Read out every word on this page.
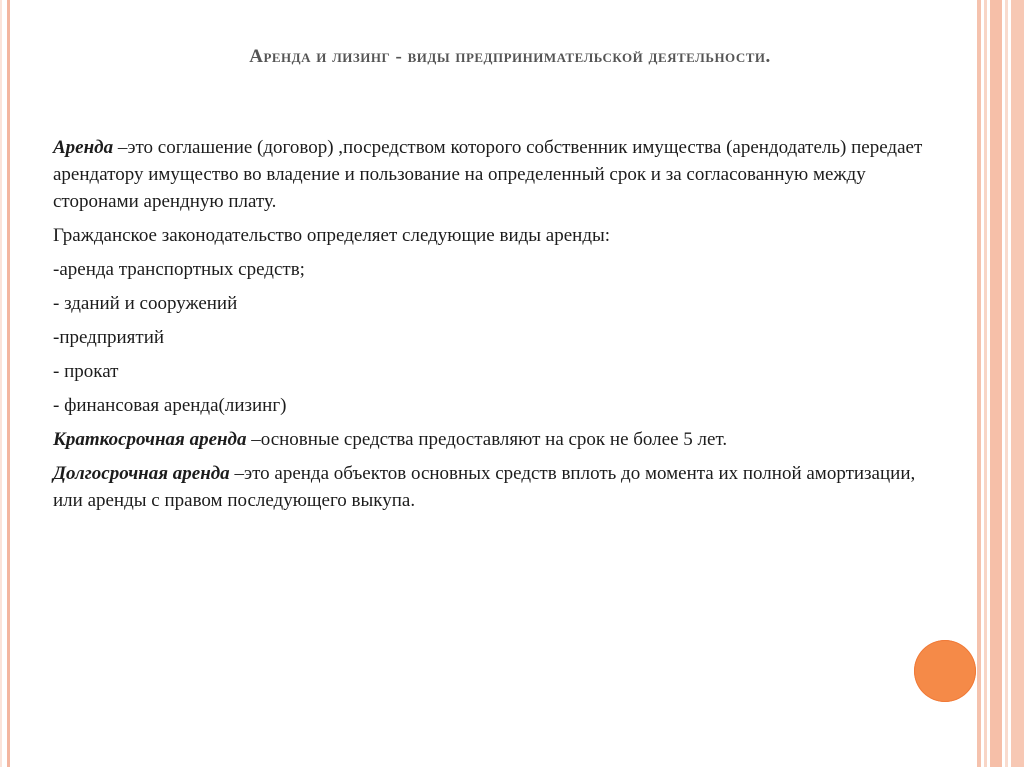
Аренда и лизинг - виды предпринимательской деятельности.

Аренда –это соглашение (договор) ,посредством которого собственник имущества (арендодатель) передает арендатору имущество во владение и пользование на определенный срок и за согласованную между сторонами арендную плату.

Гражданское законодательство определяет следующие виды аренды:

-аренда транспортных средств;

- зданий и сооружений

-предприятий

- прокат

- финансовая аренда(лизинг)

Краткосрочная аренда –основные средства предоставляют на срок не более 5 лет.

Долгосрочная аренда –это аренда объектов основных средств вплоть до момента их полной амортизации, или аренды с правом последующего выкупа.
